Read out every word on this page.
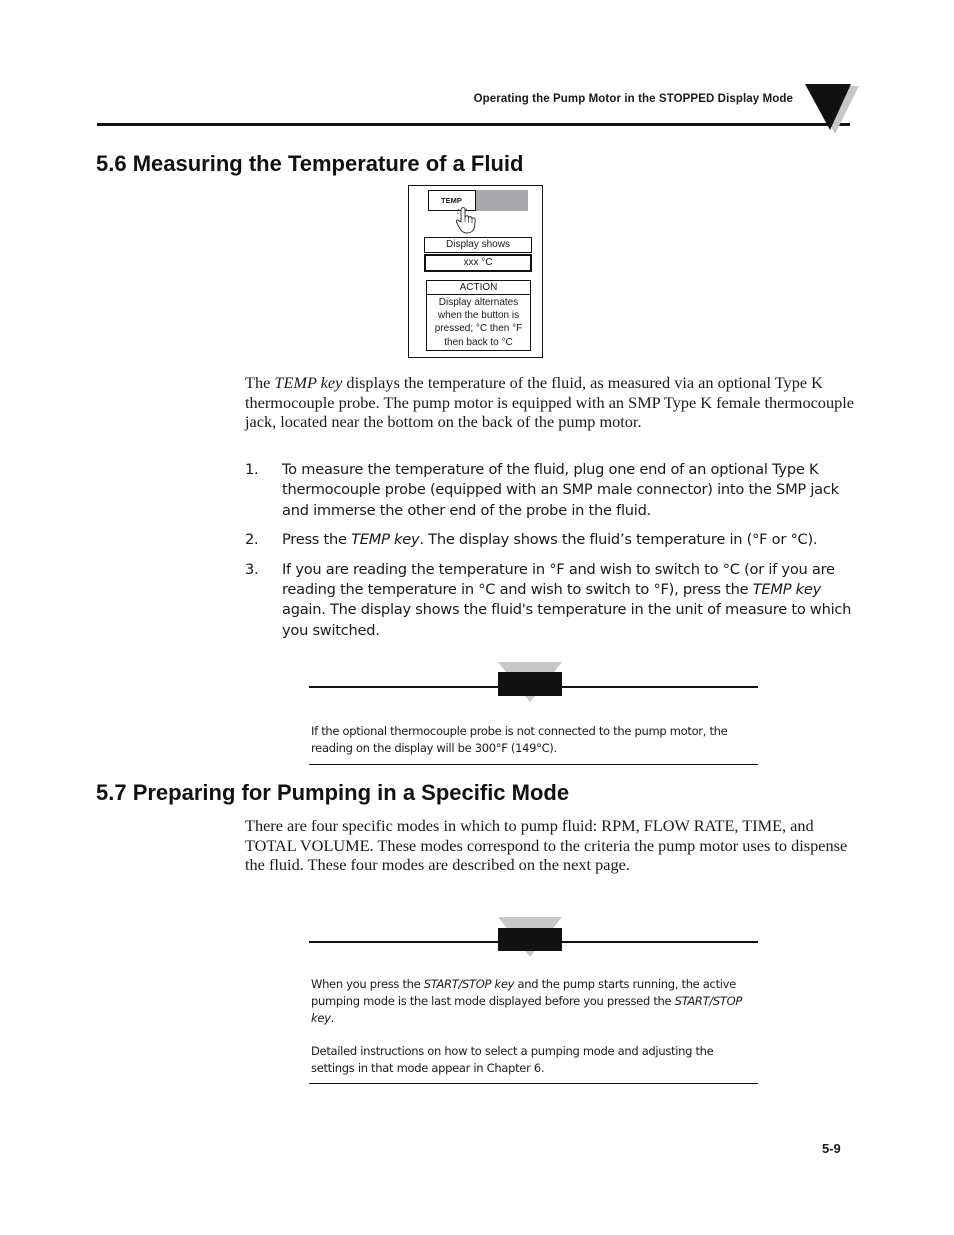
Operating the Pump Motor in the STOPPED Display Mode
5.6 Measuring the Temperature of a Fluid
TEMP
Display shows
xxx °C
ACTION
Display alternates when the button is pressed; °C then °F then back to °C

The TEMP key displays the temperature of the fluid, as measured via an optional Type K thermocouple probe. The pump motor is equipped with an SMP Type K female thermocouple jack, located near the bottom on the back of the pump motor.

1. To measure the temperature of the fluid, plug one end of an optional Type K thermocouple probe (equipped with an SMP male connector) into the SMP jack and immerse the other end of the probe in the fluid.
2. Press the TEMP key. The display shows the fluid’s temperature in (°F or °C).
3. If you are reading the temperature in °F and wish to switch to °C (or if you are reading the temperature in °C and wish to switch to °F), press the TEMP key again. The display shows the fluid's temperature in the unit of measure to which you switched.

If the optional thermocouple probe is not connected to the pump motor, the reading on the display will be 300°F (149°C).

5.7 Preparing for Pumping in a Specific Mode

There are four specific modes in which to pump fluid: RPM, FLOW RATE, TIME, and TOTAL VOLUME. These modes correspond to the criteria the pump motor uses to dispense the fluid. These four modes are described on the next page.

When you press the START/STOP key and the pump starts running, the active pumping mode is the last mode displayed before you pressed the START/STOP key.

Detailed instructions on how to select a pumping mode and adjusting the settings in that mode appear in Chapter 6.

5-9
